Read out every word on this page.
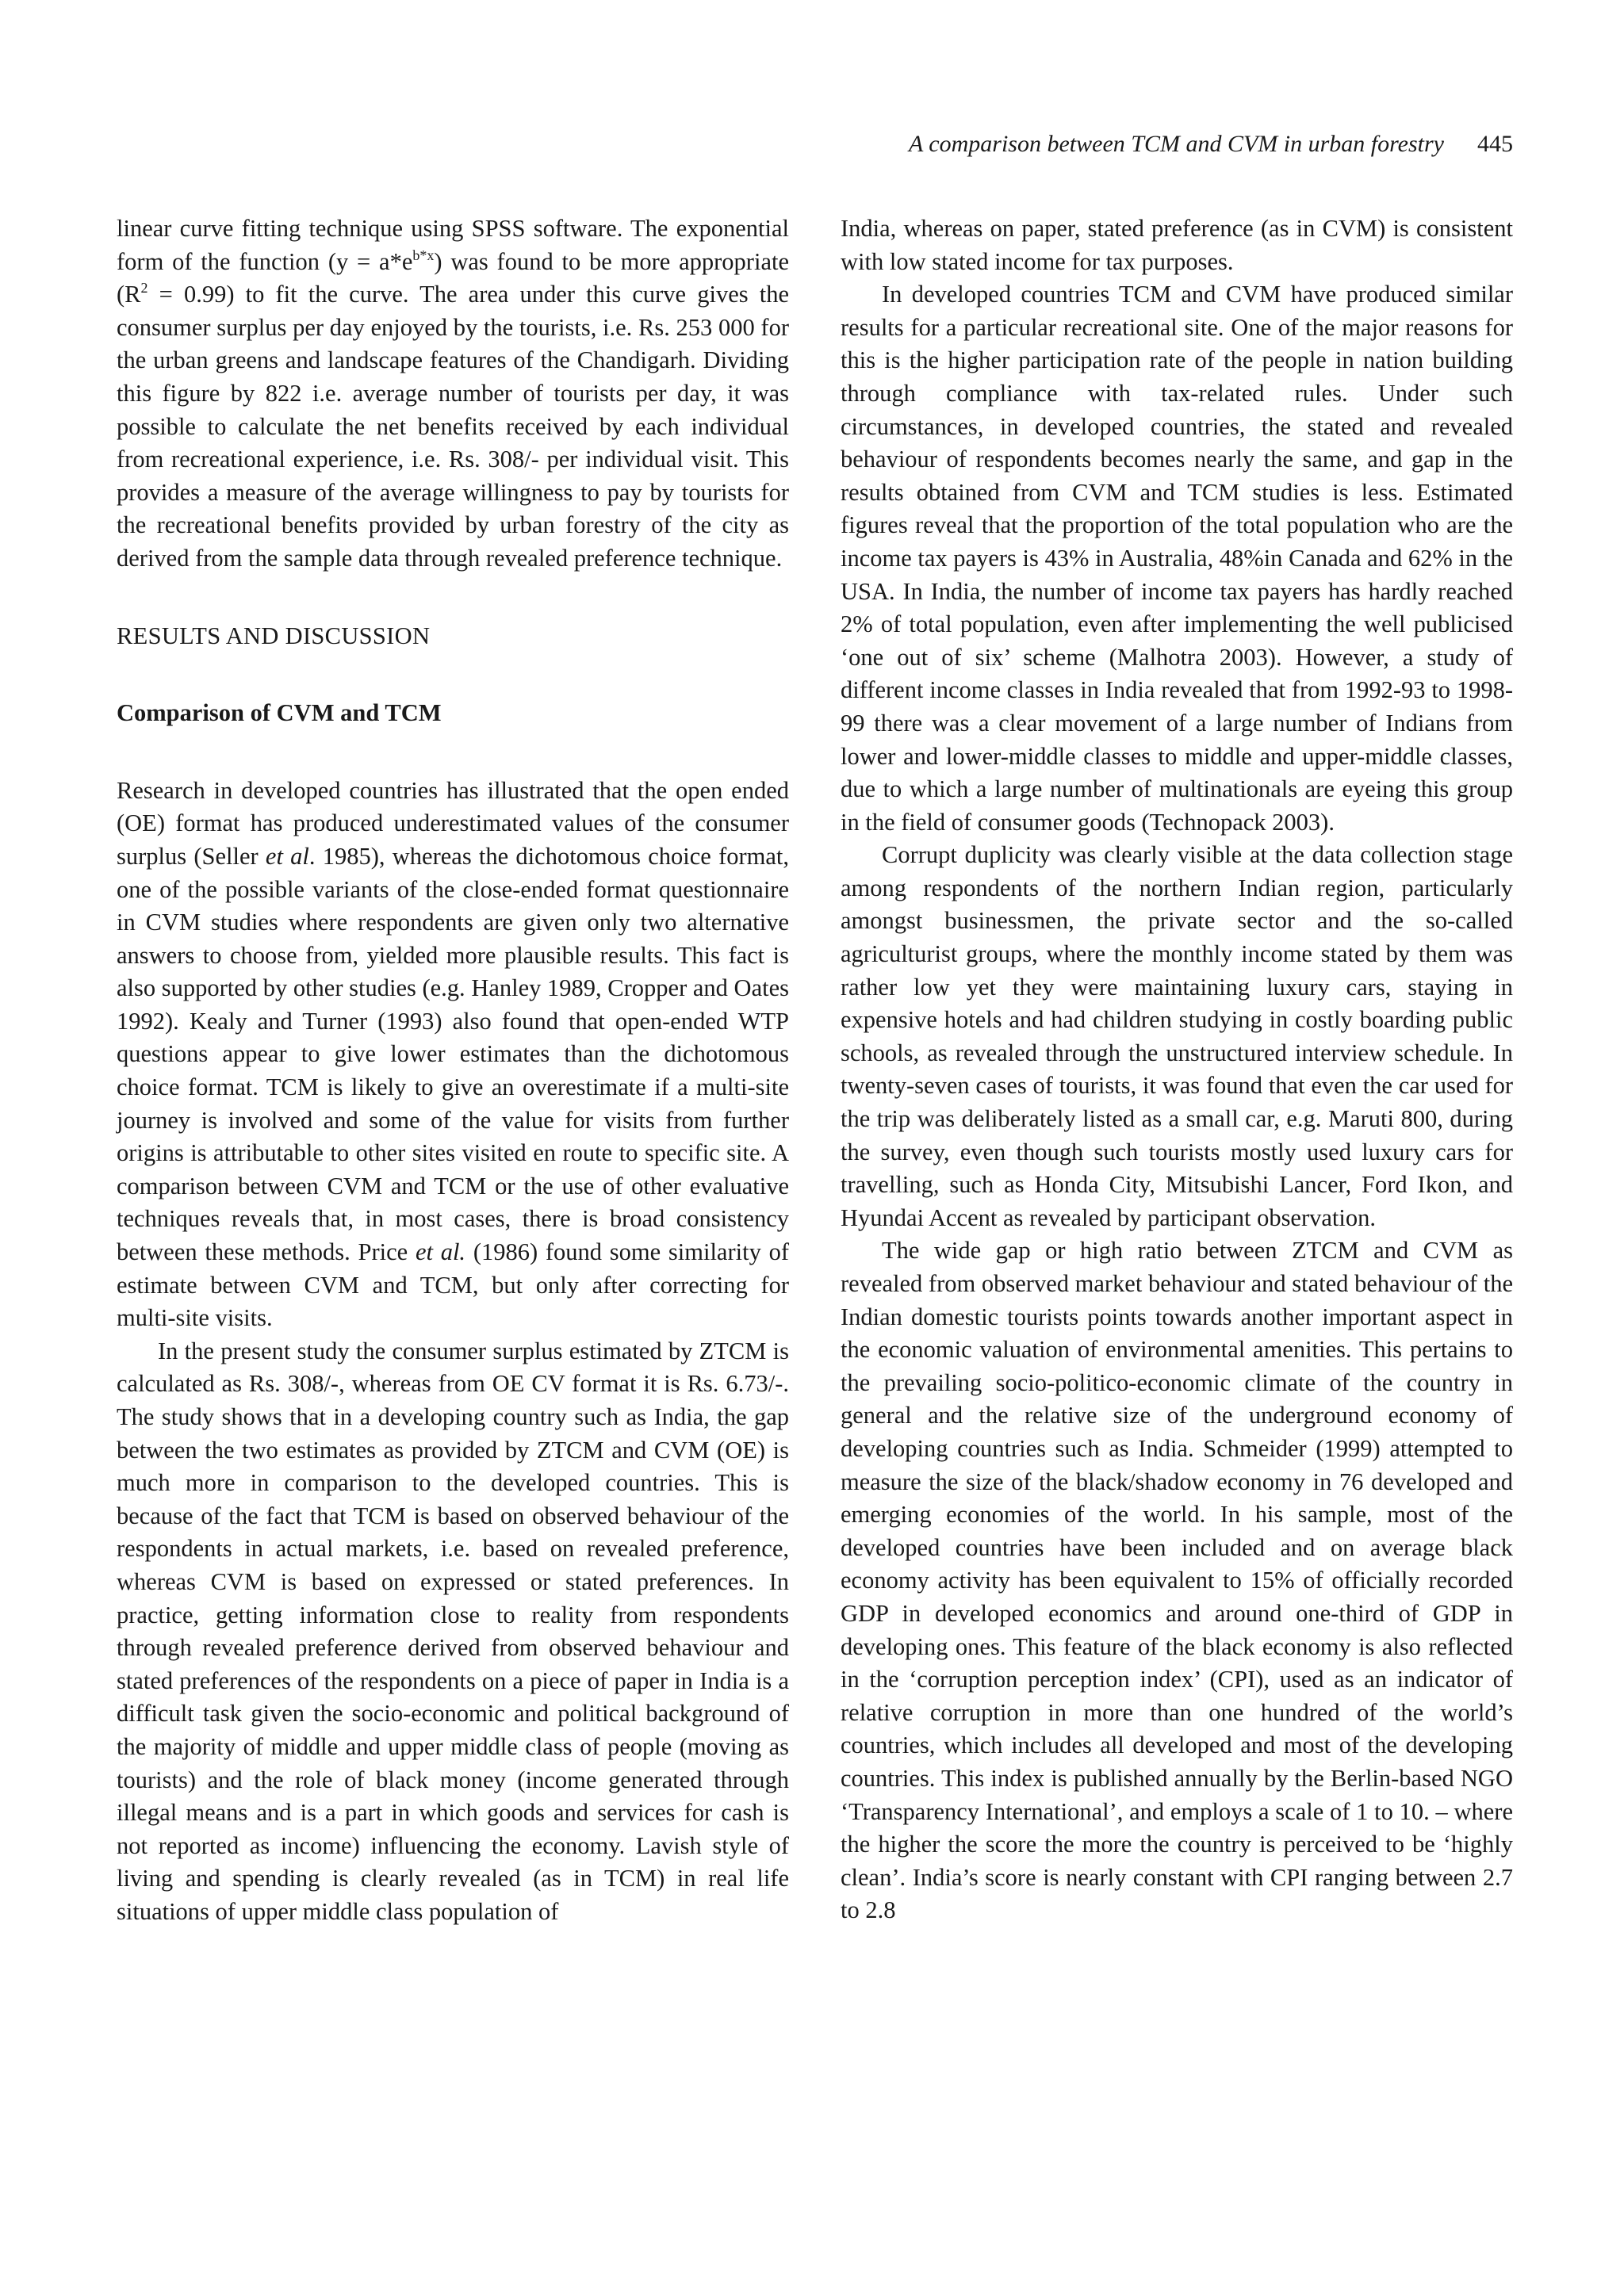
A comparison between TCM and CVM in urban forestry 445

linear curve fitting technique using SPSS software. The exponential form of the function $(y = a*e^{b*x})$ was found to be more appropriate $(R^2 = 0.99)$ to fit the curve. The area under this curve gives the consumer surplus per day enjoyed by the tourists, i.e. Rs. 253 000 for the urban greens and landscape features of the Chandigarh. Dividing this figure by 822 i.e. average number of tourists per day, it was possible to calculate the net benefits received by each individual from recreational experience, i.e. Rs. 308/- per individual visit. This provides a measure of the average willingness to pay by tourists for the recreational benefits provided by urban forestry of the city as derived from the sample data through revealed preference technique.

RESULTS AND DISCUSSION
Comparison of CVM and TCM

Research in developed countries has illustrated that the open ended (OE) format has produced underestimated values of the consumer surplus (Seller et al. 1985), whereas the dichotomous choice format, one of the possible variants of the close-ended format questionnaire in CVM studies where respondents are given only two alternative answers to choose from, yielded more plausible results. This fact is also supported by other studies (e.g. Hanley 1989, Cropper and Oates 1992). Kealy and Turner (1993) also found that open-ended WTP questions appear to give lower estimates than the dichotomous choice format. TCM is likely to give an overestimate if a multi-site journey is involved and some of the value for visits from further origins is attributable to other sites visited en route to specific site. A comparison between CVM and TCM or the use of other evaluative techniques reveals that, in most cases, there is broad consistency between these methods. Price et al. (1986) found some similarity of estimate between CVM and TCM, but only after correcting for multi-site visits.

In the present study the consumer surplus estimated by ZTCM is calculated as Rs. 308/-, whereas from OE CV format it is Rs. 6.73/-. The study shows that in a developing country such as India, the gap between the two estimates as provided by ZTCM and CVM (OE) is much more in comparison to the developed countries. This is because of the fact that TCM is based on observed behaviour of the respondents in actual markets, i.e. based on revealed preference, whereas CVM is based on expressed or stated preferences. In practice, getting information close to reality from respondents through revealed preference derived from observed behaviour and stated preferences of the respondents on a piece of paper in India is a difficult task given the socio-economic and political background of the majority of middle and upper middle class of people (moving as tourists) and the role of black money (income generated through illegal means and is a part in which goods and services for cash is not reported as income) influencing the economy. Lavish style of living and spending is clearly revealed (as in TCM) in real life situations of upper middle class population of

India, whereas on paper, stated preference (as in CVM) is consistent with low stated income for tax purposes.

In developed countries TCM and CVM have produced similar results for a particular recreational site. One of the major reasons for this is the higher participation rate of the people in nation building through compliance with tax-related rules. Under such circumstances, in developed countries, the stated and revealed behaviour of respondents becomes nearly the same, and gap in the results obtained from CVM and TCM studies is less. Estimated figures reveal that the proportion of the total population who are the income tax payers is 43% in Australia, 48%in Canada and 62% in the USA. In India, the number of income tax payers has hardly reached 2% of total population, even after implementing the well publicised ‘one out of six’ scheme (Malhotra 2003). However, a study of different income classes in India revealed that from 1992-93 to 1998-99 there was a clear movement of a large number of Indians from lower and lower-middle classes to middle and upper-middle classes, due to which a large number of multinationals are eyeing this group in the field of consumer goods (Technopack 2003).

Corrupt duplicity was clearly visible at the data collection stage among respondents of the northern Indian region, particularly amongst businessmen, the private sector and the so-called agriculturist groups, where the monthly income stated by them was rather low yet they were maintaining luxury cars, staying in expensive hotels and had children studying in costly boarding public schools, as revealed through the unstructured interview schedule. In twenty-seven cases of tourists, it was found that even the car used for the trip was deliberately listed as a small car, e.g. Maruti 800, during the survey, even though such tourists mostly used luxury cars for travelling, such as Honda City, Mitsubishi Lancer, Ford Ikon, and Hyundai Accent as revealed by participant observation.

The wide gap or high ratio between ZTCM and CVM as revealed from observed market behaviour and stated behaviour of the Indian domestic tourists points towards another important aspect in the economic valuation of environmental amenities. This pertains to the prevailing socio-politico-economic climate of the country in general and the relative size of the underground economy of developing countries such as India. Schmeider (1999) attempted to measure the size of the black/shadow economy in 76 developed and emerging economies of the world. In his sample, most of the developed countries have been included and on average black economy activity has been equivalent to 15% of officially recorded GDP in developed economics and around one-third of GDP in developing ones. This feature of the black economy is also reflected in the ‘corruption perception index’ (CPI), used as an indicator of relative corruption in more than one hundred of the world’s countries, which includes all developed and most of the developing countries. This index is published annually by the Berlin-based NGO ‘Transparency International’, and employs a scale of 1 to 10. – where the higher the score the more the country is perceived to be ‘highly clean’. India’s score is nearly constant with CPI ranging between 2.7 to 2.8
